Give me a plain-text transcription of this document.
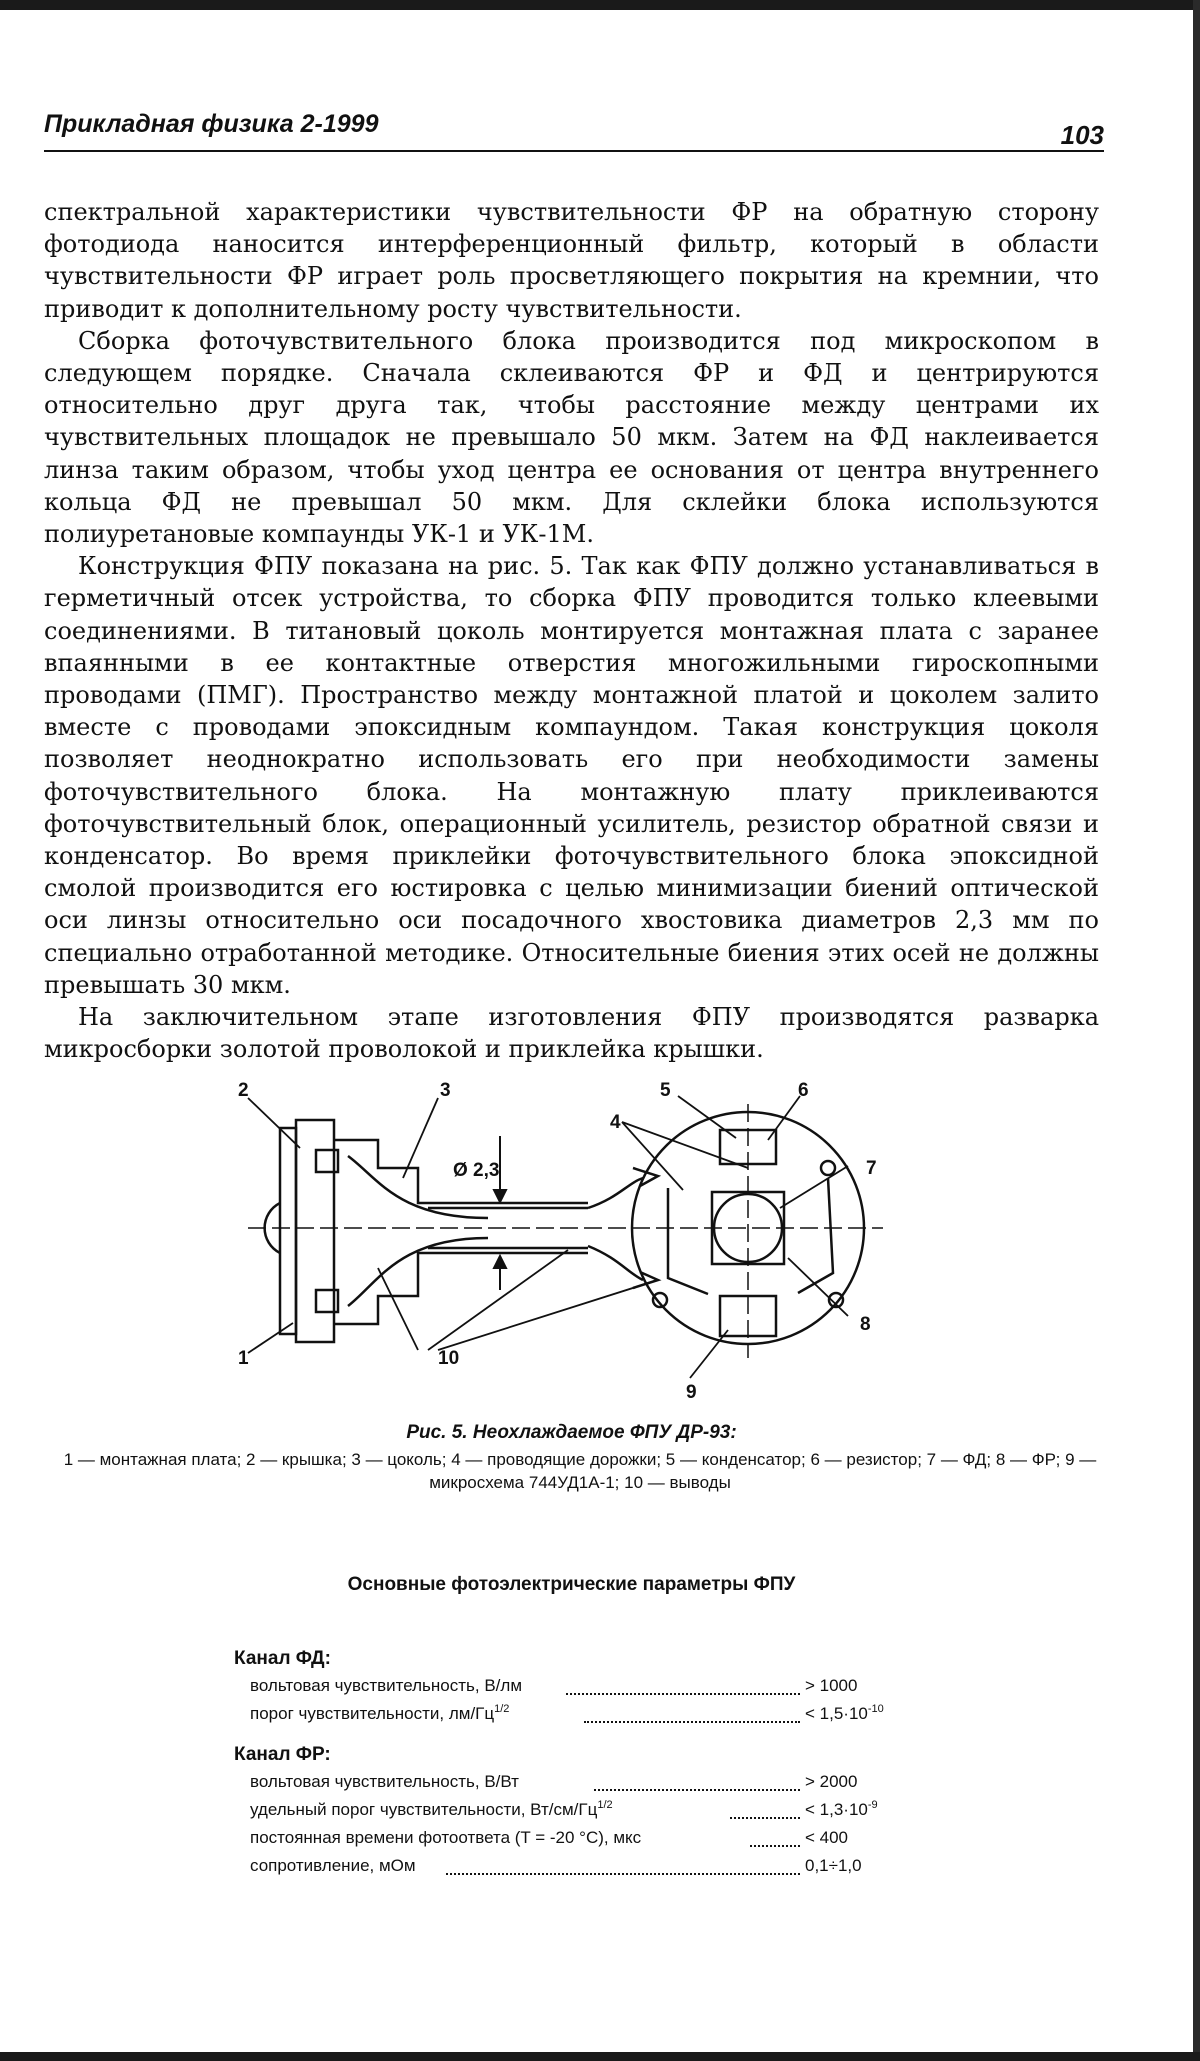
Прикладная физика 2-1999	103

спектральной характеристики чувствительности ФР на обратную сторону фотодиода наносится интерференционный фильтр, который в области чувствительности ФР играет роль просветляющего покрытия на кремнии, что приводит к дополнительному росту чувствительности.

Сборка фоточувствительного блока производится под микроскопом в следующем порядке. Сначала склеиваются ФР и ФД и центрируются относительно друг друга так, чтобы расстояние между центрами их чувствительных площадок не превышало 50 мкм. Затем на ФД наклеивается линза таким образом, чтобы уход центра ее основания от центра внутреннего кольца ФД не превышал 50 мкм. Для склейки блока используются полиуретановые компаунды УК-1 и УК-1М.

Конструкция ФПУ показана на рис. 5. Так как ФПУ должно устанавливаться в герметичный отсек устройства, то сборка ФПУ проводится только клеевыми соединениями. В титановый цоколь монтируется монтажная плата с заранее впаянными в ее контактные отверстия многожильными гироскопными проводами (ПМГ). Пространство между монтажной платой и цоколем залито вместе с проводами эпоксидным компаундом. Такая конструкция цоколя позволяет неоднократно использовать его при необходимости замены фоточувствительного блока. На монтажную плату приклеиваются фоточувствительный блок, операционный усилитель, резистор обратной связи и конденсатор. Во время приклейки фоточувствительного блока эпоксидной смолой производится его юстировка с целью минимизации биений оптической оси линзы относительно оси посадочного хвостовика диаметров 2,3 мм по специально отработанной методике. Относительные биения этих осей не должны превышать 30 мкм.

На заключительном этапе изготовления ФПУ производятся разварка микросборки золотой проволокой и приклейка крышки.

Ø 2,3
2	3
1	10
4
5	6
7
8
9
Рис. 5. Неохлаждаемое ФПУ ДР-93:
1 — монтажная плата; 2 — крышка; 3 — цоколь; 4 — проводящие дорожки; 5 — конденсатор; 6 — резистор; 7 — ФД; 8 — ФР; 9 — микросхема 744УД1А-1; 10 — выводы
Основные фотоэлектрические параметры ФПУ
Канал ФД:
вольтовая чувствительность, В/лм	> 1000
порог чувствительности, $лм/Гц^{1/2}$	< $1,5\cdot 10^{-10}$
Канал ФР:
вольтовая чувствительность, В/Вт	> 2000
удельный порог чувствительности, $Вт/см/Гц^{1/2}$	< $1,3\cdot 10^{-9}$
постоянная времени фотоответа (T = -20 °C), мкс	< 400
сопротивление, мОм	0,1÷1,0
